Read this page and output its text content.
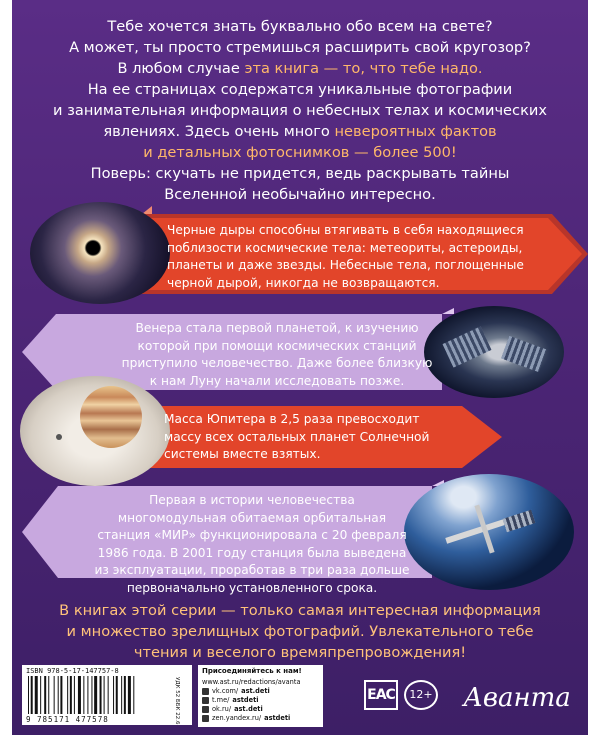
Тебе хочется знать буквально обо всем на свете?
А может, ты просто стремишься расширить свой кругозор?
В любом случае эта книга — то, что тебе надо.
На ее страницах содержатся уникальные фотографии
и занимательная информация о небесных телах и космических
явлениях. Здесь очень много невероятных фактов
и детальных фотоснимков — более 500!
Поверь: скучать не придется, ведь раскрывать тайны
Вселенной необычайно интересно.
Черные дыры способны втягивать в себя находящиеся
поблизости космические тела: метеориты, астероиды,
планеты и даже звезды. Небесные тела, поглощенные
черной дырой, никогда не возвращаются.
Венера стала первой планетой, к изучению
которой при помощи космических станций
приступило человечество. Даже более близкую
к нам Луну начали исследовать позже.
Масса Юпитера в 2,5 раза превосходит
массу всех остальных планет Солнечной
системы вместе взятых.
Первая в истории человечества
многомодульная обитаемая орбитальная
станция «МИР» функционировала с 20 февраля
1986 года. В 2001 году станция была выведена
из эксплуатации, проработав в три раза дольше
первоначально установленного срока.
В книгах этой серии — только самая интересная информация
и множество зрелищных фотографий. Увлекательного тебе
чтения и веселого времяпрепровождения!
ISBN 978-5-17-147757-8
9 785171 477578	УДК 52 ББК 22.6
Присоединяйтесь к нам!
www.ast.ru/redactions/avanta
vk.com/ ast.deti
t.me/ astdeti
ok.ru/ ast.deti
zen.yandex.ru/ astdeti
ЕАС	12+ Аванта
